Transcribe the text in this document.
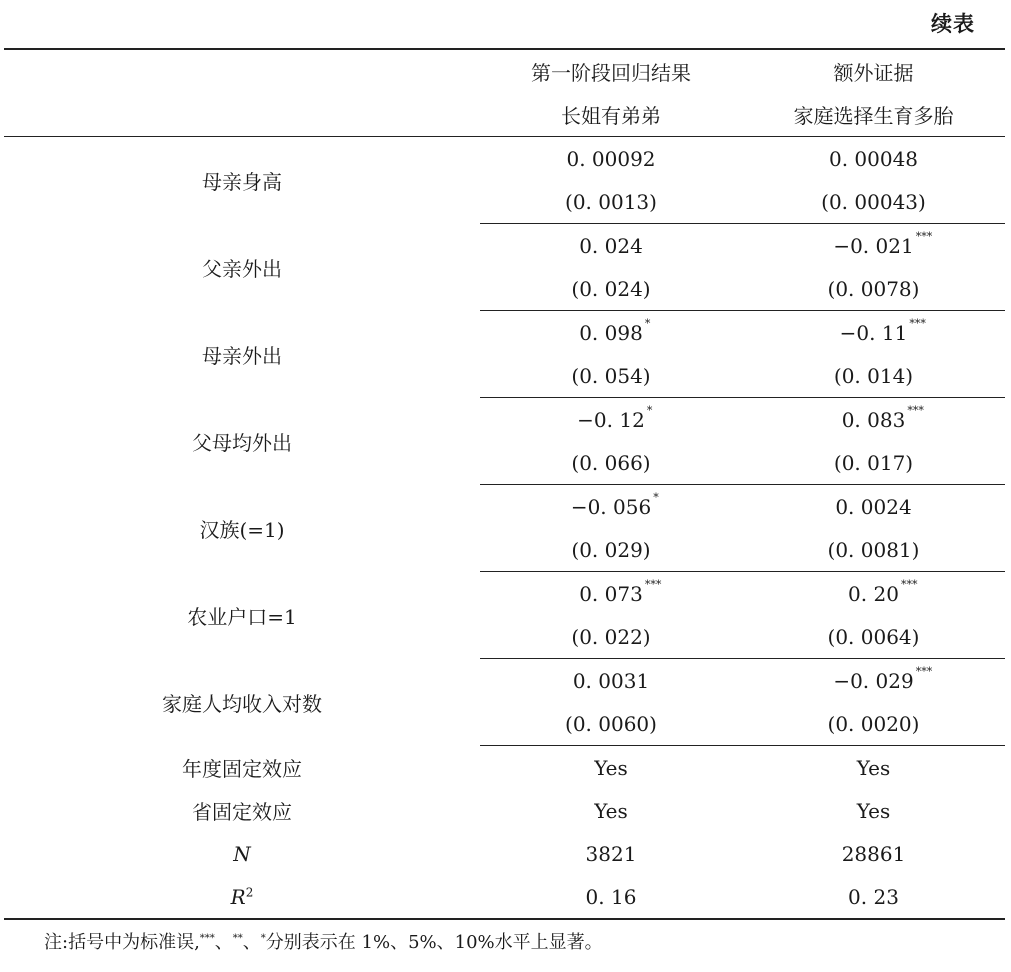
续表
	第一阶段回归结果	额外证据
	长姐有弟弟	家庭选择生育多胎
母亲身高	0. 00092	0. 00048

	(0. 0013)	(0. 00043)
父亲外出	0. 024	−0. 021 ***

	(0. 024)	(0. 0078)
母亲外出	0. 098 *	−0. 11 ***

	(0. 054)	(0. 014)
父母均外出	−0. 12 *	0. 083 ***

	(0. 066)	(0. 017)
汉族(=1)	−0. 056 *	0. 0024

	(0. 029)	(0. 0081)
农业户口=1	0. 073 ***	0. 20 ***

	(0. 022)	(0. 0064)
家庭人均收入对数	0. 0031	−0. 029 ***

	(0. 0060)	(0. 0020)
年度固定效应	Yes	Yes
省固定效应	Yes	Yes
N	3821	28861
$R^2$	0. 16	0. 23
注:括号中为标准误,***、**、*分别表示在 1%、5%、10%水平上显著。
